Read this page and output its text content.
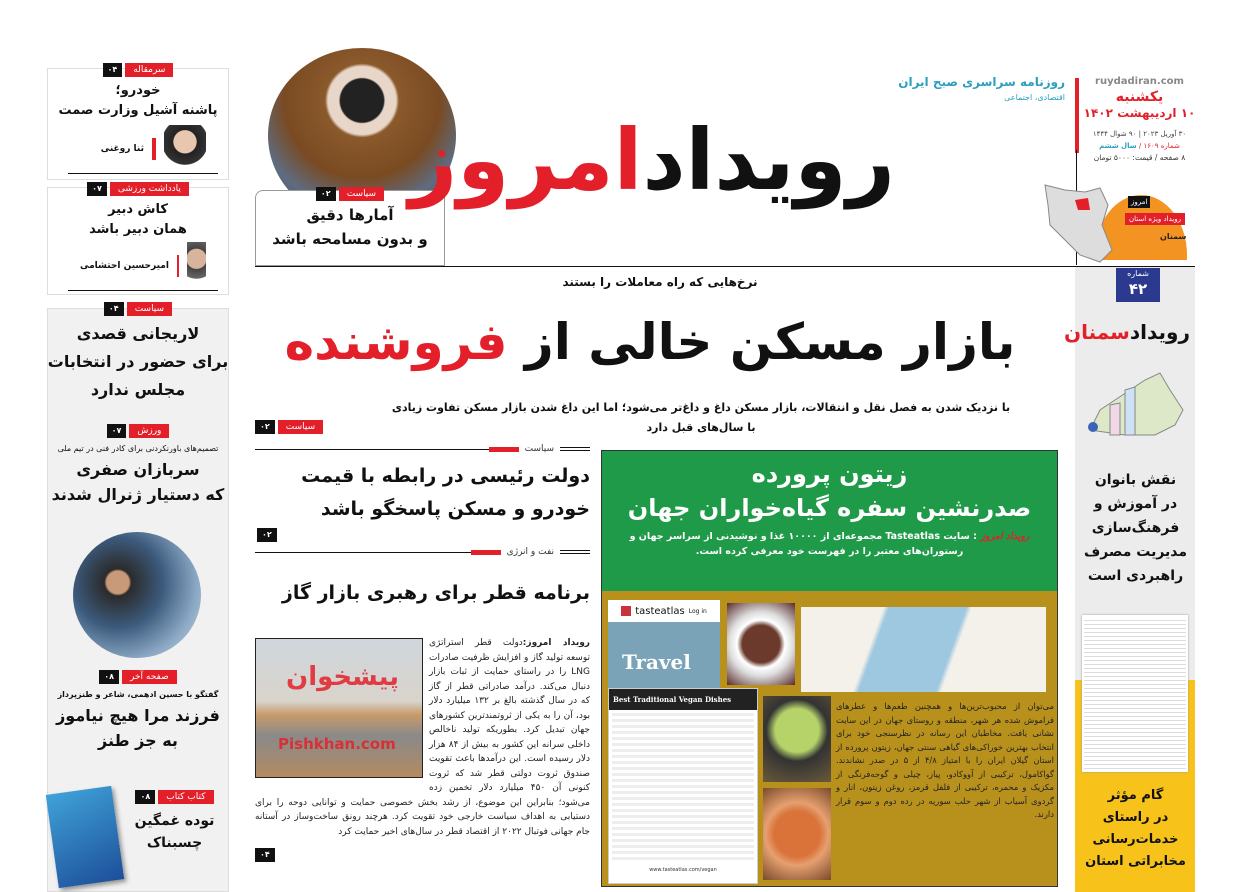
سرمقاله
۰۴
خودرو؛
پاشنه آشیل وزارت صمت
ثنا روغنی
یادداشت ورزشی
۰۷
کاش دبیر
همان دبیر باشد
امیرحسین احتشامی
سیاست
۰۴
لاریجانی قصدی
برای حضور در انتخابات
مجلس ندارد
ورزش
۰۷
تصمیم‌های باورنکردنی برای کادر فنی در تیم ملی
سربازان صفری
که دستیار ژنرال شدند
صفحه آخر
۰۸
گفتگو با حسین ادهمی، شاعر و طنزپرداز
فرزند مرا هیچ نیاموز
به جز طنز
کتاب کتاب
۰۸
توده غمگین
چسبناک
سیاست
۰۲
آمارها دقیق
و بدون مسامحه باشد
رویدادامروز
روزنامه سراسری صبح ایران
اقتصادی، اجتماعی
ruydadiran.com
یکشنبه
۱۰ اردیبهشت ۱۴۰۲
۳۰ آوریل ۲۰۲۳ | ۹۰ شوال ۱۴۴۴
شماره ۱۶۰۹ / سال ششم
۸ صفحه / قیمت: ۵۰۰۰ تومان
امروز
رویداد ویژه استان
سمنان
شماره
۴۲
رویدادسمنان
نقش بانوان
در آموزش و
فرهنگ‌سازی
مدیریت مصرف
راهبردی است
گام مؤثر
در راستای
خدمات‌رسانی
مخابراتی استان
نرخ‌هایی که راه معاملات را بستند
بازار مسکن خالی از فروشنده
با نزدیک شدن به فصل نقل و انتقالات، بازار مسکن داغ و داغ‌تر می‌شود؛ اما این داغ شدن بازار مسکن تفاوت زیادی
با سال‌های قبل دارد
۰۲	سیاست
سیاست
دولت رئیسی در رابطه با قیمت
خودرو و مسکن پاسخگو باشد
۰۲
نفت و انرژی
برنامه قطر برای رهبری بازار گاز
پیشخوان
Pishkhan.com
رویداد امروز:دولت قطر استراتژی توسعه تولید گاز و افزایش ظرفیت صادرات LNG را در راستای حمایت از ثبات بازار دنبال می‌کند. درآمد صادراتی قطر از گاز که در سال گذشته بالغ بر ۱۳۲ میلیارد دلار بود، آن را به یکی از ثروتمندترین کشورهای جهان تبدیل کرد. بطوریکه تولید ناخالص داخلی سرانه این کشور به بیش از ۸۴ هزار دلار رسیده است. این درآمدها باعث تقویت صندوق ثروت دولتی قطر شد که ثروت کنونی آن ۴۵۰ میلیارد دلار تخمین زده می‌شود؛ بنابراین این موضوع، از رشد بخش خصوصی حمایت و توانایی دوحه را برای دستیابی به اهداف سیاست خارجی خود تقویت کرد. هرچند رونق ساخت‌وساز در آستانه جام جهانی فوتبال ۲۰۲۲ از اقتصاد قطر در سال‌های اخیر حمایت کرد
۰۴
زیتون پرورده
صدرنشین سفره گیاه‌خواران جهان
رویداد امروز : سایت Tasteatlas مجموعه‌ای از ۱۰۰۰۰ غذا و نوشیدنی از سراسر جهان و رستوران‌های معتبر را در فهرست خود معرفی کرده است.
tasteatlas Log in
Travel
Best Traditional Vegan Dishes
www.tasteatlas.com/vegan
می‌توان از محبوب‌ترین‌ها و همچنین طعم‌ها و عطرهای فراموش شده هر شهر، منطقه و روستای جهان در این سایت نشانی یافت. مخاطبان این رسانه در نظرسنجی خود برای انتخاب بهترین خوراکی‌های گیاهی سنتی جهان، زیتون پرورده از استان گیلان ایران را با امتیاز ۴/۸ از ۵ در صدر نشاندند. گواکامول، ترکیبی از آووکادو، پیاز، چیلی و گوجه‌فرنگی از مکزیک و محمره، ترکیبی از فلفل قرمز، روغن زیتون، انار و گردوی آسیاب از شهر حلب سوریه در رده دوم و سوم قرار دارند.
